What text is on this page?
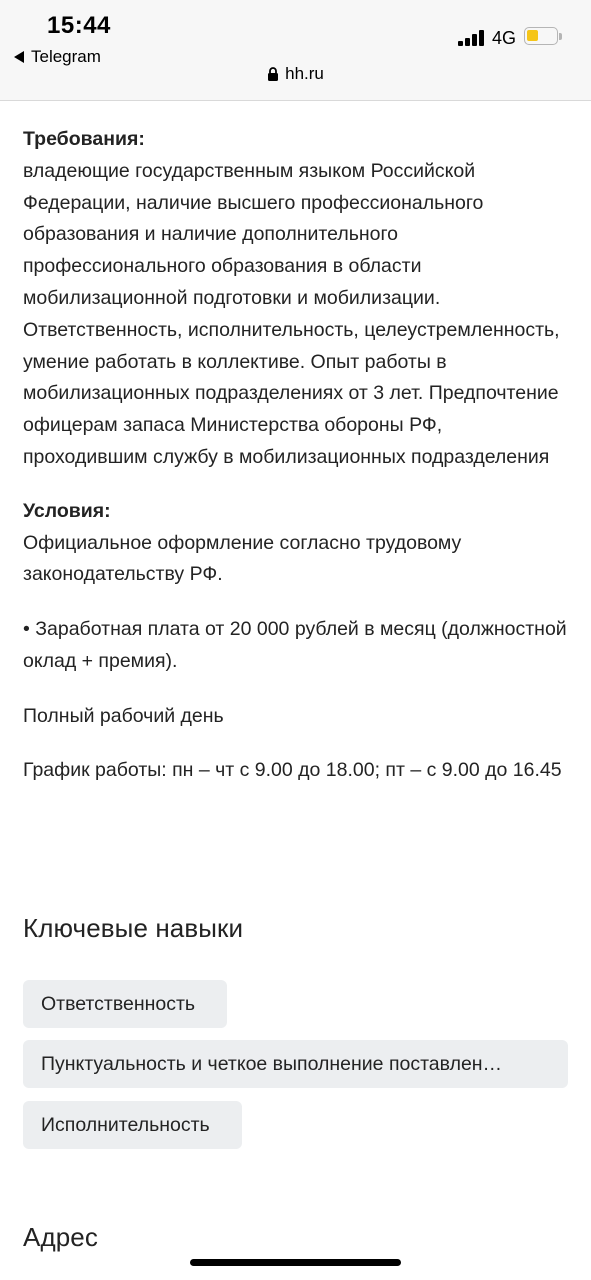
15:44
Telegram
4G
hh.ru

Требования:

владеющие государственным языком Российской Федерации, наличие высшего профессионального образования и наличие дополнительного профессионального образования в области мобилизационной подготовки и мобилизации. Ответственность, исполнительность, целеустремленность, умение работать в коллективе. Опыт работы в мобилизационных подразделениях от 3 лет. Предпочтение офицерам запаса Министерства обороны РФ, проходившим службу в мобилизационных подразделения

Условия:

Официальное оформление согласно трудовому законодательству РФ.

• Заработная плата от 20 000 рублей в месяц (должностной оклад + премия).

Полный рабочий день

График работы: пн – чт с 9.00 до 18.00; пт – с 9.00 до 16.45

Ключевые навыки
Ответственность
Пунктуальность и четкое выполнение поставлен…
Исполнительность
Адрес
